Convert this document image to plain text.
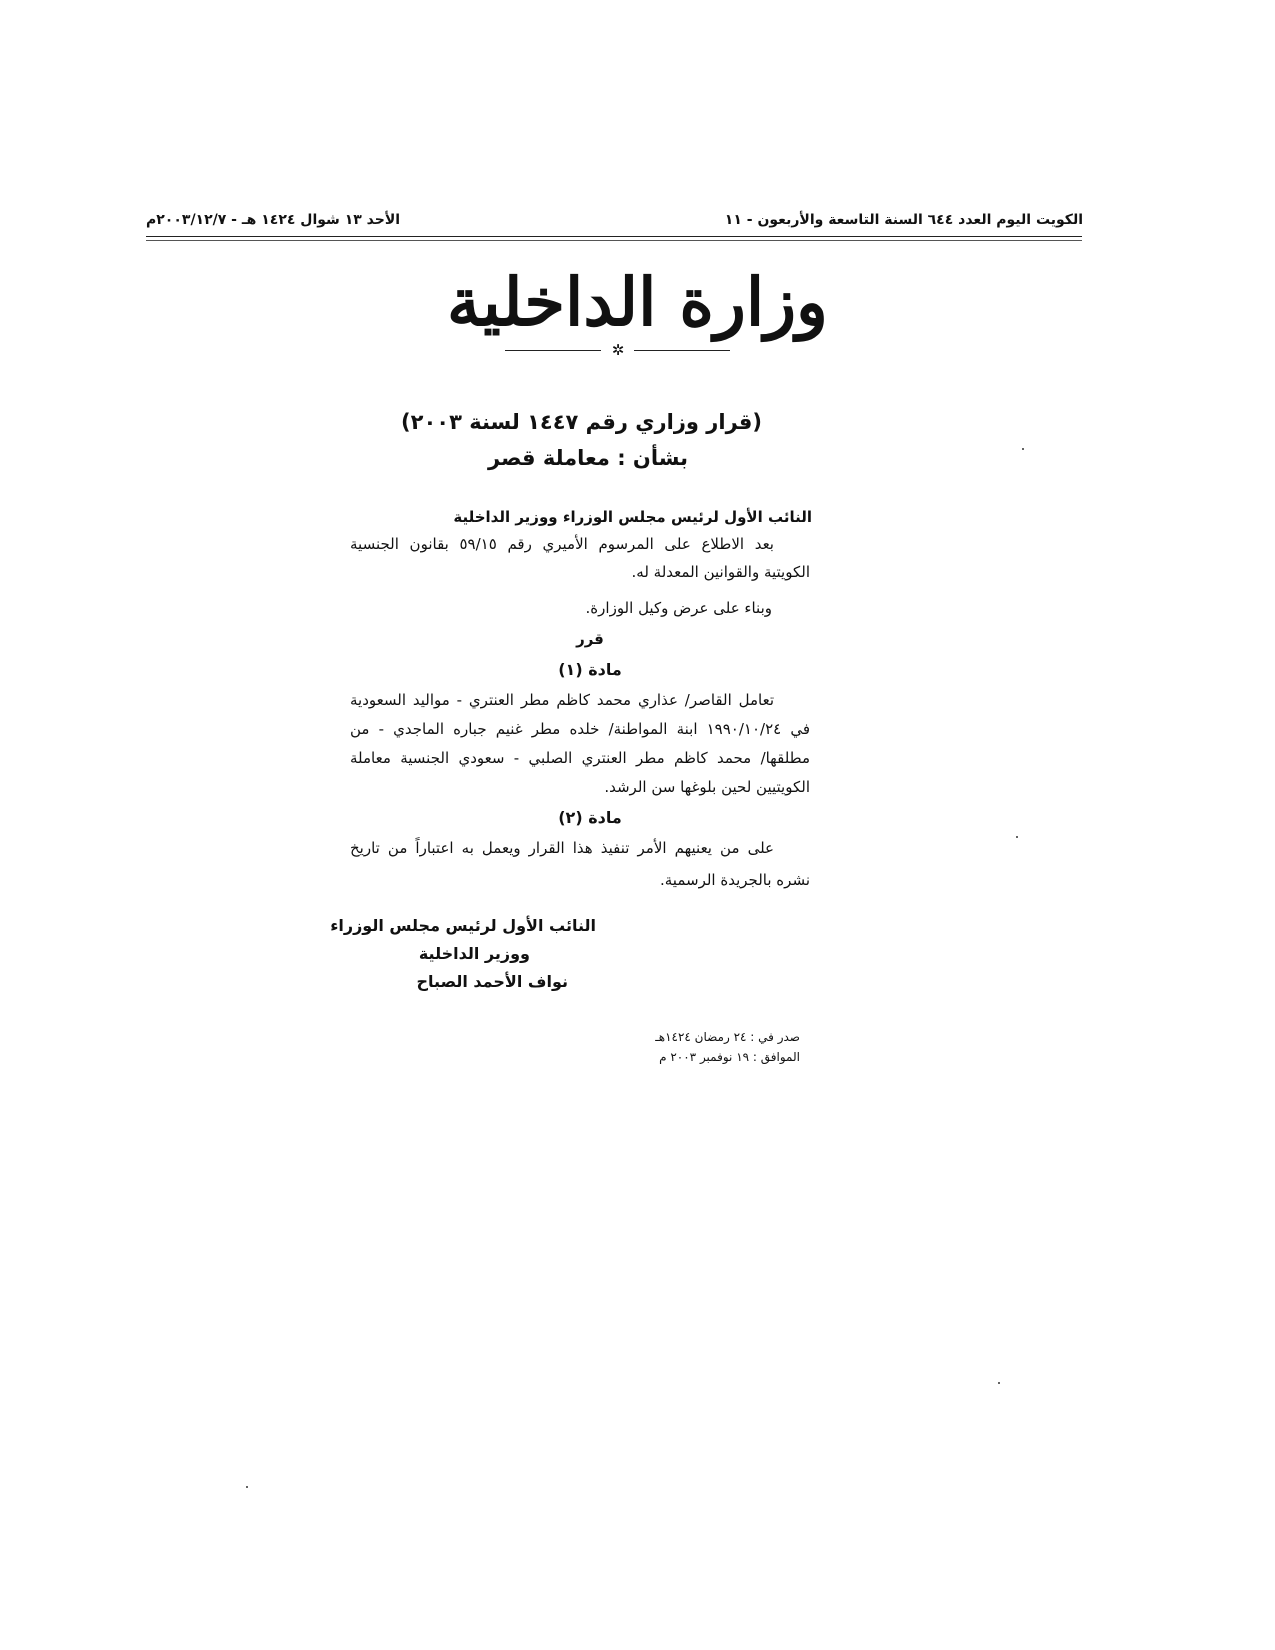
الكويت اليوم العدد ٦٤٤ السنة التاسعة والأربعون - ١١
الأحد ١٣ شوال ١٤٢٤ هـ - ٢٠٠٣/١٢/٧م
وزارة الداخلية
✲
(قرار وزاري رقم ١٤٤٧ لسنة ٢٠٠٣)
بشأن : معاملة قصر
النائب الأول لرئيس مجلس الوزراء ووزير الداخلية
بعد الاطلاع على المرسوم الأميري رقم ٥٩/١٥ بقانون الجنسية الكويتية والقوانين المعدلة له.
وبناء على عرض وكيل الوزارة.
قرر
مادة (١)
تعامل القاصر/ عذاري محمد كاظم مطر العنتري - مواليد السعودية في ١٩٩٠/١٠/٢٤ ابنة المواطنة/ خلده مطر غنيم جباره الماجدي - من مطلقها/ محمد كاظم مطر العنتري الصلبي - سعودي الجنسية معاملة الكويتيين لحين بلوغها سن الرشد.
مادة (٢)
على من يعنيهم الأمر تنفيذ هذا القرار ويعمل به اعتباراً من تاريخ نشره بالجريدة الرسمية.
النائب الأول لرئيس مجلس الوزراء
ووزير الداخلية
نواف الأحمد الصباح
صدر في : ٢٤ رمضان ١٤٢٤هـ
الموافق : ١٩ نوفمبر ٢٠٠٣ م
